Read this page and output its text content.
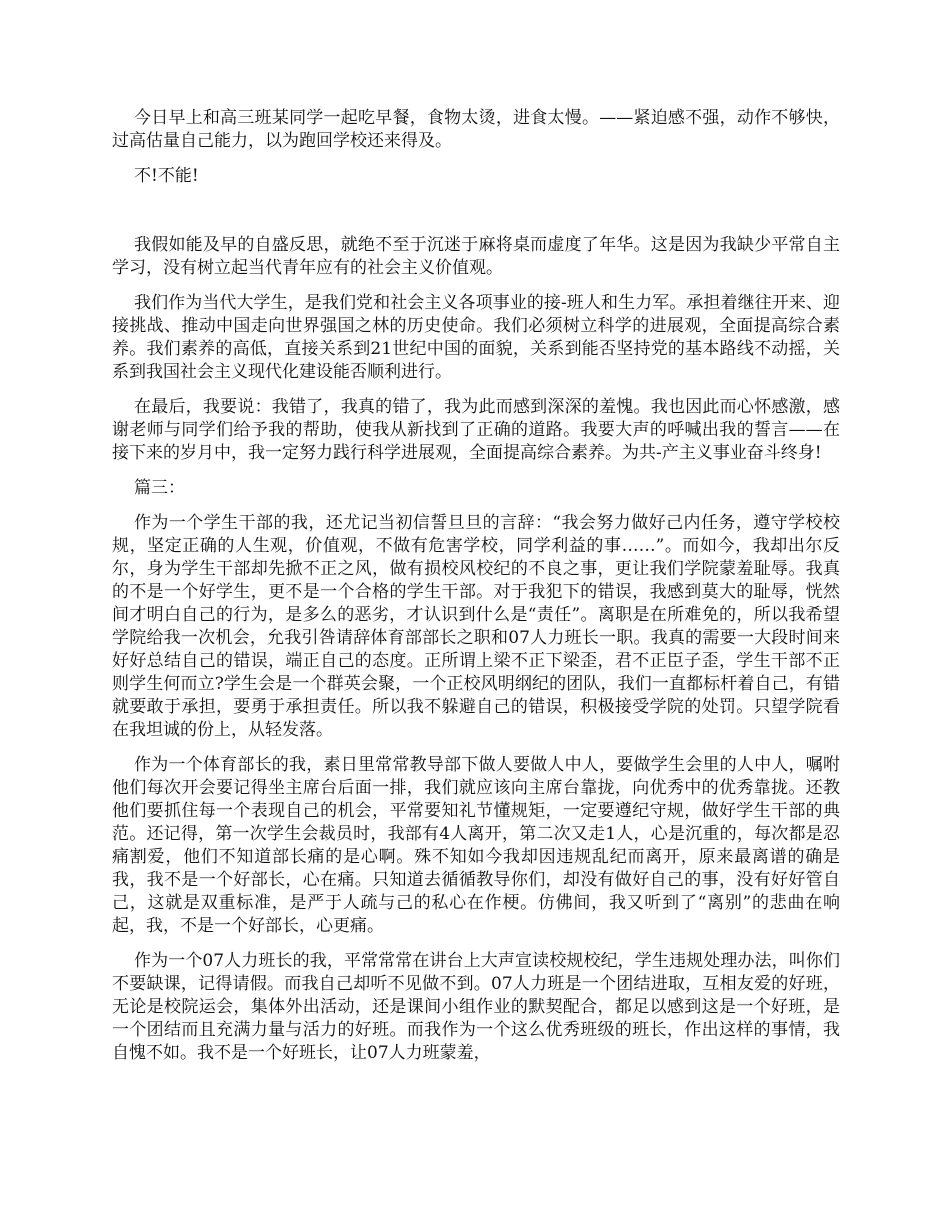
今日早上和高三班某同学一起吃早餐，食物太烫，进食太慢。——紧迫感不强，动作不够快，过高估量自己能力，以为跑回学校还来得及。

不!不能!

我假如能及早的自盛反思，就绝不至于沉迷于麻将桌而虚度了年华。这是因为我缺少平常自主学习，没有树立起当代青年应有的社会主义价值观。

我们作为当代大学生，是我们党和社会主义各项事业的接-班人和生力军。承担着继往开来、迎接挑战、推动中国走向世界强国之林的历史使命。我们必须树立科学的进展观，全面提高综合素养。我们素养的高低，直接关系到21世纪中国的面貌，关系到能否坚持党的基本路线不动摇，关系到我国社会主义现代化建设能否顺利进行。

在最后，我要说：我错了，我真的错了，我为此而感到深深的羞愧。我也因此而心怀感激，感谢老师与同学们给予我的帮助，使我从新找到了正确的道路。我要大声的呼喊出我的誓言——在接下来的岁月中，我一定努力践行科学进展观，全面提高综合素养。为共-产主义事业奋斗终身!

篇三：

作为一个学生干部的我，还尤记当初信誓旦旦的言辞：“我会努力做好己内任务，遵守学校校规，坚定正确的人生观，价值观，不做有危害学校，同学利益的事……”。而如今，我却出尔反尔，身为学生干部却先掀不正之风，做有损校风校纪的不良之事，更让我们学院蒙羞耻辱。我真的不是一个好学生，更不是一个合格的学生干部。对于我犯下的错误，我感到莫大的耻辱，恍然间才明白自己的行为，是多么的恶劣，才认识到什么是“责任”。离职是在所难免的，所以我希望学院给我一次机会，允我引咎请辞体育部部长之职和07人力班长一职。我真的需要一大段时间来好好总结自己的错误，端正自己的态度。正所谓上梁不正下梁歪，君不正臣子歪，学生干部不正则学生何而立?学生会是一个群英会聚，一个正校风明纲纪的团队，我们一直都标杆着自己，有错就要敢于承担，要勇于承担责任。所以我不躲避自己的错误，积极接受学院的处罚。只望学院看在我坦诚的份上，从轻发落。

作为一个体育部长的我，素日里常常教导部下做人要做人中人，要做学生会里的人中人，嘱咐他们每次开会要记得坐主席台后面一排，我们就应该向主席台靠拢，向优秀中的优秀靠拢。还教他们要抓住每一个表现自己的机会，平常要知礼节懂规矩，一定要遵纪守规，做好学生干部的典范。还记得，第一次学生会裁员时，我部有4人离开，第二次又走1人，心是沉重的，每次都是忍痛割爱，他们不知道部长痛的是心啊。殊不知如今我却因违规乱纪而离开，原来最离谱的确是我，我不是一个好部长，心在痛。只知道去循循教导你们，却没有做好自己的事，没有好好管自己，这就是双重标准，是严于人疏与己的私心在作梗。仿佛间，我又听到了“离别”的悲曲在响起，我，不是一个好部长，心更痛。

作为一个07人力班长的我，平常常常在讲台上大声宣读校规校纪，学生违规处理办法，叫你们不要缺课，记得请假。而我自己却听不见做不到。07人力班是一个团结进取，互相友爱的好班，无论是校院运会，集体外出活动，还是课间小组作业的默契配合，都足以感到这是一个好班，是一个团结而且充满力量与活力的好班。而我作为一个这么优秀班级的班长，作出这样的事情，我自愧不如。我不是一个好班长，让07人力班蒙羞，
